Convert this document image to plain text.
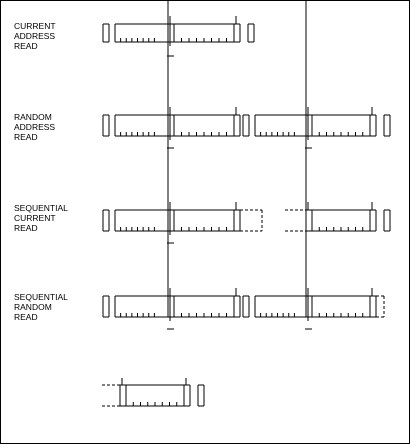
CURRENT
ADDRESS
READ
RANDOM
ADDRESS
READ
SEQUENTIAL
CURRENT
READ
SEQUENTIAL
RANDOM
READ
